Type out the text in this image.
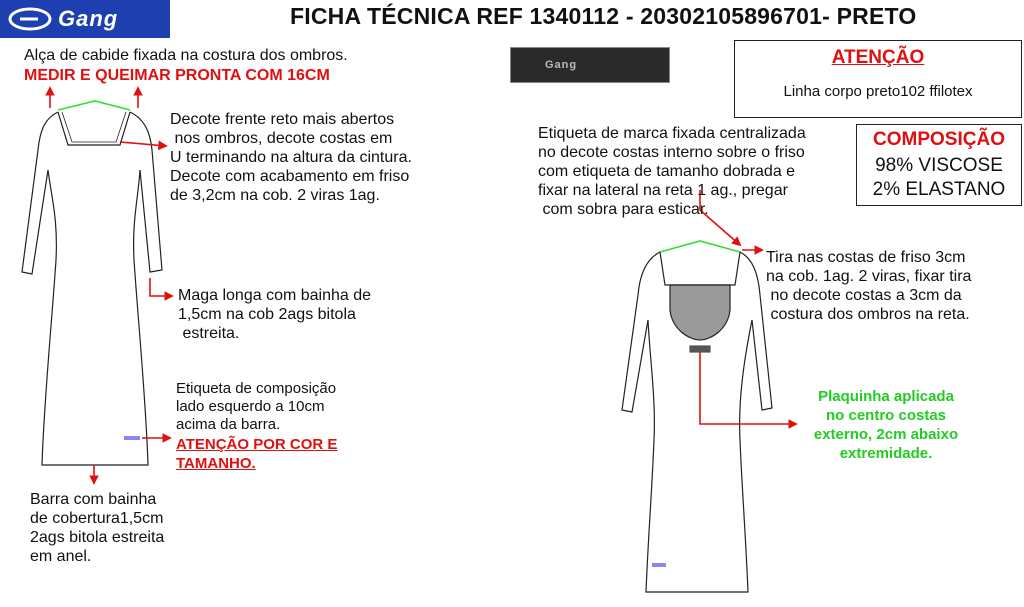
Gang	FICHA TÉCNICA REF 1340112 - 20302105896701- PRETO
Gang
Alça de cabide fixada na costura dos ombros.
MEDIR E QUEIMAR PRONTA COM 16CM
Decote frente reto mais abertos
nos ombros, decote costas em
U terminando na altura da cintura.
Decote com acabamento em friso
de 3,2cm na cob. 2 viras 1ag.
Maga longa com bainha de
1,5cm na cob 2ags bitola
estreita.
Etiqueta de composição
lado esquerdo a 10cm
acima da barra.
ATENÇÃO POR COR E
TAMANHO.
Barra com bainha
de cobertura1,5cm
2ags bitola estreita
em anel.
Etiqueta de marca fixada centralizada
no decote costas interno sobre o friso
com etiqueta de tamanho dobrada e
fixar na lateral na reta 1 ag., pregar
com sobra para esticar.
Tira nas costas de friso 3cm
na cob. 1ag. 2 viras, fixar tira
no decote costas a 3cm da
costura dos ombros na reta.
Plaquinha aplicada
no centro costas
externo, 2cm abaixo
extremidade.
ATENÇÃO
Linha corpo preto102 ffilotex
COMPOSIÇÃO
98% VISCOSE
2% ELASTANO
